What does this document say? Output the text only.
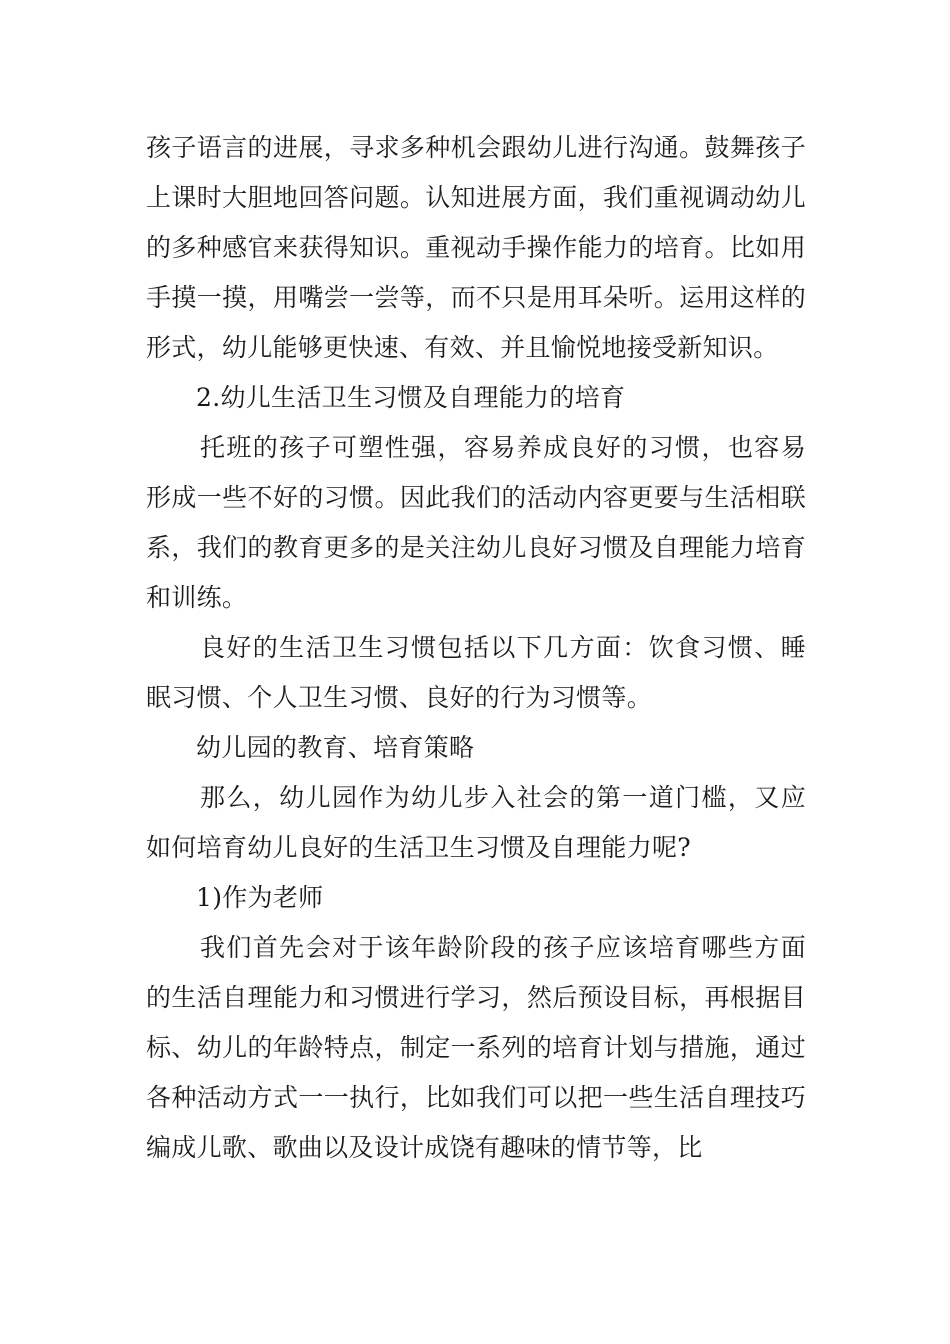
孩子语言的进展，寻求多种机会跟幼儿进行沟通。鼓舞孩子上课时大胆地回答问题。认知进展方面，我们重视调动幼儿的多种感官来获得知识。重视动手操作能力的培育。比如用手摸一摸，用嘴尝一尝等，而不只是用耳朵听。运用这样的形式，幼儿能够更快速、有效、并且愉悦地接受新知识。

2.幼儿生活卫生习惯及自理能力的培育

托班的孩子可塑性强，容易养成良好的习惯，也容易形成一些不好的习惯。因此我们的活动内容更要与生活相联系，我们的教育更多的是关注幼儿良好习惯及自理能力培育和训练。

良好的生活卫生习惯包括以下几方面：饮食习惯、睡眠习惯、个人卫生习惯、良好的行为习惯等。

幼儿园的教育、培育策略

那么，幼儿园作为幼儿步入社会的第一道门槛，又应如何培育幼儿良好的生活卫生习惯及自理能力呢?

1)作为老师

我们首先会对于该年龄阶段的孩子应该培育哪些方面的生活自理能力和习惯进行学习，然后预设目标，再根据目标、幼儿的年龄特点，制定一系列的培育计划与措施，通过各种活动方式一一执行，比如我们可以把一些生活自理技巧编成儿歌、歌曲以及设计成饶有趣味的情节等，比
